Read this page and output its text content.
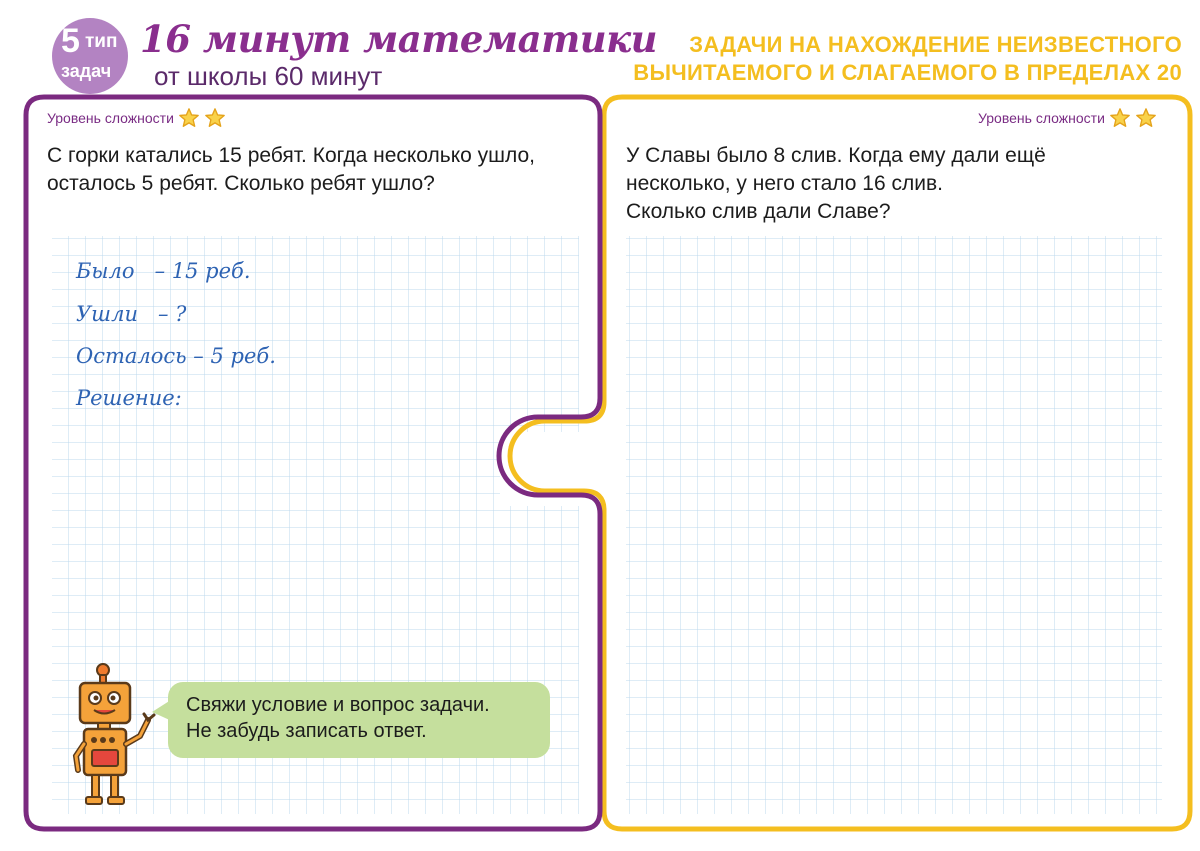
5 тип
задач
16 минут математики
от школы 60 минут
ЗАДАЧИ НА НАХОЖДЕНИЕ НЕИЗВЕСТНОГО
ВЫЧИТАЕМОГО И СЛАГАЕМОГО В ПРЕДЕЛАХ 20
Уровень сложности
С горки катались 15 ребят. Когда несколько ушло,
осталось 5 ребят. Сколько ребят ушло?
Было   – 15 реб.
Ушли   – ?
Осталось – 5 реб.
Решение:
Свяжи условие и вопрос задачи.
Не забудь записать ответ.
Уровень сложности
У Славы было 8 слив. Когда ему дали ещё
несколько, у него стало 16 слив.
Сколько слив дали Славе?
